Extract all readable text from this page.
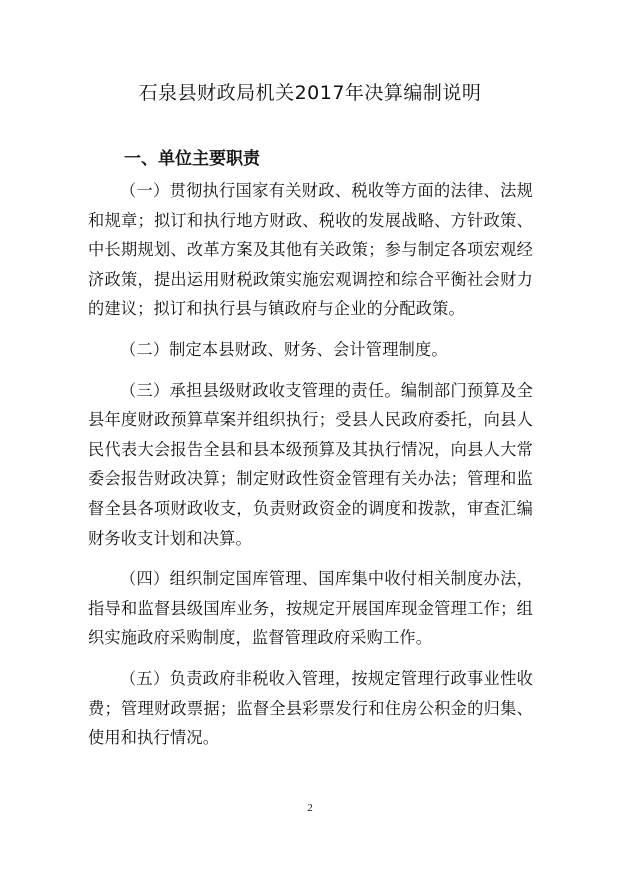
石泉县财政局机关2017年决算编制说明
一、单位主要职责

（一）贯彻执行国家有关财政、税收等方面的法律、法规和规章；拟订和执行地方财政、税收的发展战略、方针政策、中长期规划、改革方案及其他有关政策；参与制定各项宏观经济政策，提出运用财税政策实施宏观调控和综合平衡社会财力的建议；拟订和执行县与镇政府与企业的分配政策。

（二）制定本县财政、财务、会计管理制度。

（三）承担县级财政收支管理的责任。编制部门预算及全县年度财政预算草案并组织执行；受县人民政府委托，向县人民代表大会报告全县和县本级预算及其执行情况，向县人大常委会报告财政决算；制定财政性资金管理有关办法；管理和监督全县各项财政收支，负责财政资金的调度和拨款，审查汇编财务收支计划和决算。

（四）组织制定国库管理、国库集中收付相关制度办法，指导和监督县级国库业务，按规定开展国库现金管理工作；组织实施政府采购制度，监督管理政府采购工作。

（五）负责政府非税收入管理，按规定管理行政事业性收费；管理财政票据；监督全县彩票发行和住房公积金的归集、使用和执行情况。

2
